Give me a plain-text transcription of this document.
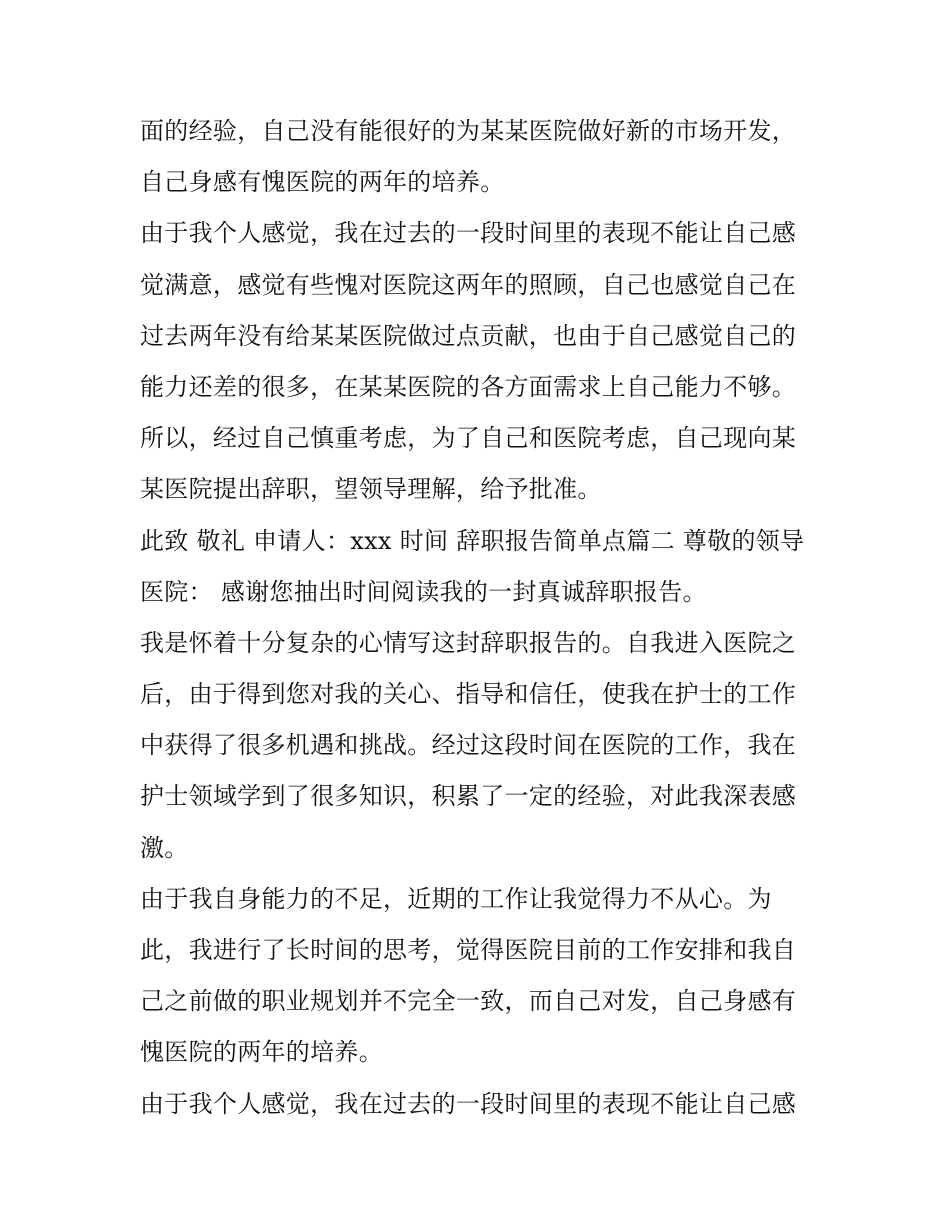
面的经验，自己没有能很好的为某某医院做好新的市场开发，
自己身感有愧医院的两年的培养。
由于我个人感觉，我在过去的一段时间里的表现不能让自己感
觉满意，感觉有些愧对医院这两年的照顾，自己也感觉自己在
过去两年没有给某某医院做过点贡献，也由于自己感觉自己的
能力还差的很多，在某某医院的各方面需求上自己能力不够。
所以，经过自己慎重考虑，为了自己和医院考虑，自己现向某
某医院提出辞职，望领导理解，给予批准。
此致 敬礼 申请人：xxx 时间 辞职报告简单点篇二 尊敬的领导
医院： 感谢您抽出时间阅读我的一封真诚辞职报告。
我是怀着十分复杂的心情写这封辞职报告的。自我进入医院之
后，由于得到您对我的关心、指导和信任，使我在护士的工作
中获得了很多机遇和挑战。经过这段时间在医院的工作，我在
护士领域学到了很多知识，积累了一定的经验，对此我深表感
激。
由于我自身能力的不足，近期的工作让我觉得力不从心。为
此，我进行了长时间的思考，觉得医院目前的工作安排和我自
己之前做的职业规划并不完全一致，而自己对发，自己身感有
愧医院的两年的培养。
由于我个人感觉，我在过去的一段时间里的表现不能让自己感
